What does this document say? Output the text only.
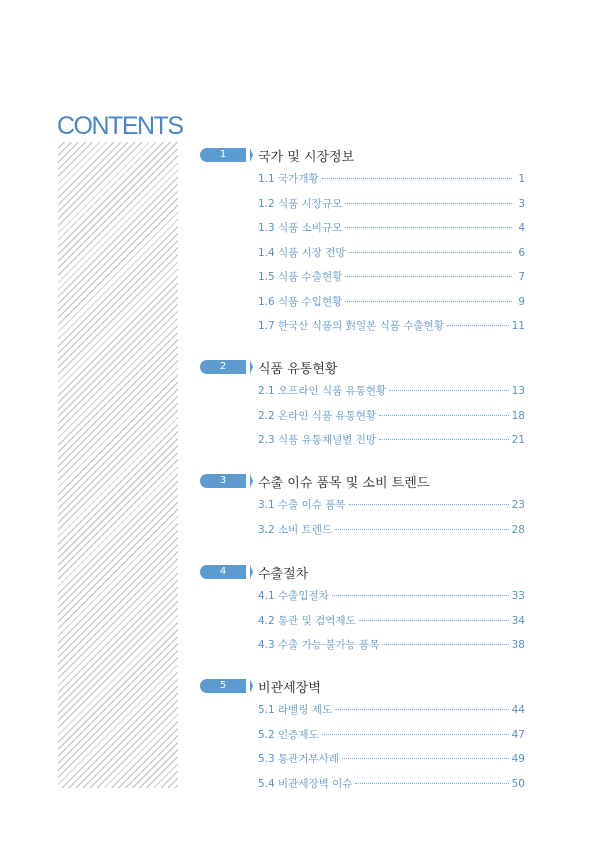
CONTENTS
1	국가 및 시장정보
1.1 국가개황	1
1.2 식품 시장규모	3
1.3 식품 소비규모	4
1.4 식품 시장 전망	6
1.5 식품 수출현황	7
1.6 식품 수입현황	9
1.7 한국산 식품의 對일본 식품 수출현황	11
2	식품 유통현황
2.1 오프라인 식품 유통현황	13
2.2 온라인 식품 유통현황	18
2.3 식품 유통채널별 전망	21
3	수출 이슈 품목 및 소비 트렌드
3.1 수출 이슈 품목	23
3.2 소비 트렌드	28
4	수출절차
4.1 수출입절차	33
4.2 통관 및 검역제도	34
4.3 수출 가능·불가능 품목	38
5	비관세장벽
5.1 라벨링 제도	44
5.2 인증제도	47
5.3 통관거부사례	49
5.4 비관세장벽 이슈	50
